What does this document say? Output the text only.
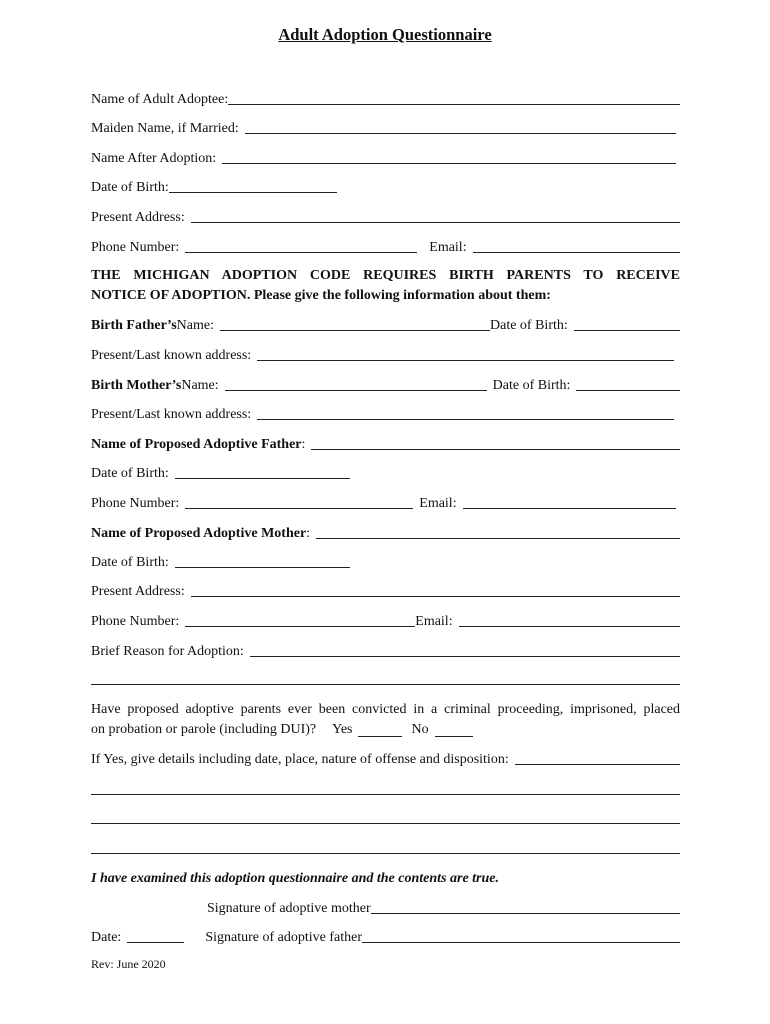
Adult Adoption Questionnaire
Name of Adult Adoptee:
Maiden Name, if Married:
Name After Adoption:
Date of Birth:
Present Address:
Phone Number:	Email:
THE MICHIGAN ADOPTION CODE REQUIRES BIRTH PARENTS TO RECEIVE
NOTICE OF ADOPTION. Please give the following information about them:
Birth Father’s Name:	Date of Birth:
Present/Last known address:
Birth Mother’s Name:	Date of Birth:
Present/Last known address:
Name of Proposed Adoptive Father :
Date of Birth:
Phone Number:	Email:
Name of Proposed Adoptive Mother :
Date of Birth:
Present Address:
Phone Number:	Email:
Brief Reason for Adoption:
Have proposed adoptive parents ever been convicted in a criminal proceeding, imprisoned, placed
on probation or parole (including DUI)? Yes	No
If Yes, give details including date, place, nature of offense and disposition:
I have examined this adoption questionnaire and the contents are true.
Signature of adoptive mother
Date:	Signature of adoptive father
Rev: June 2020
